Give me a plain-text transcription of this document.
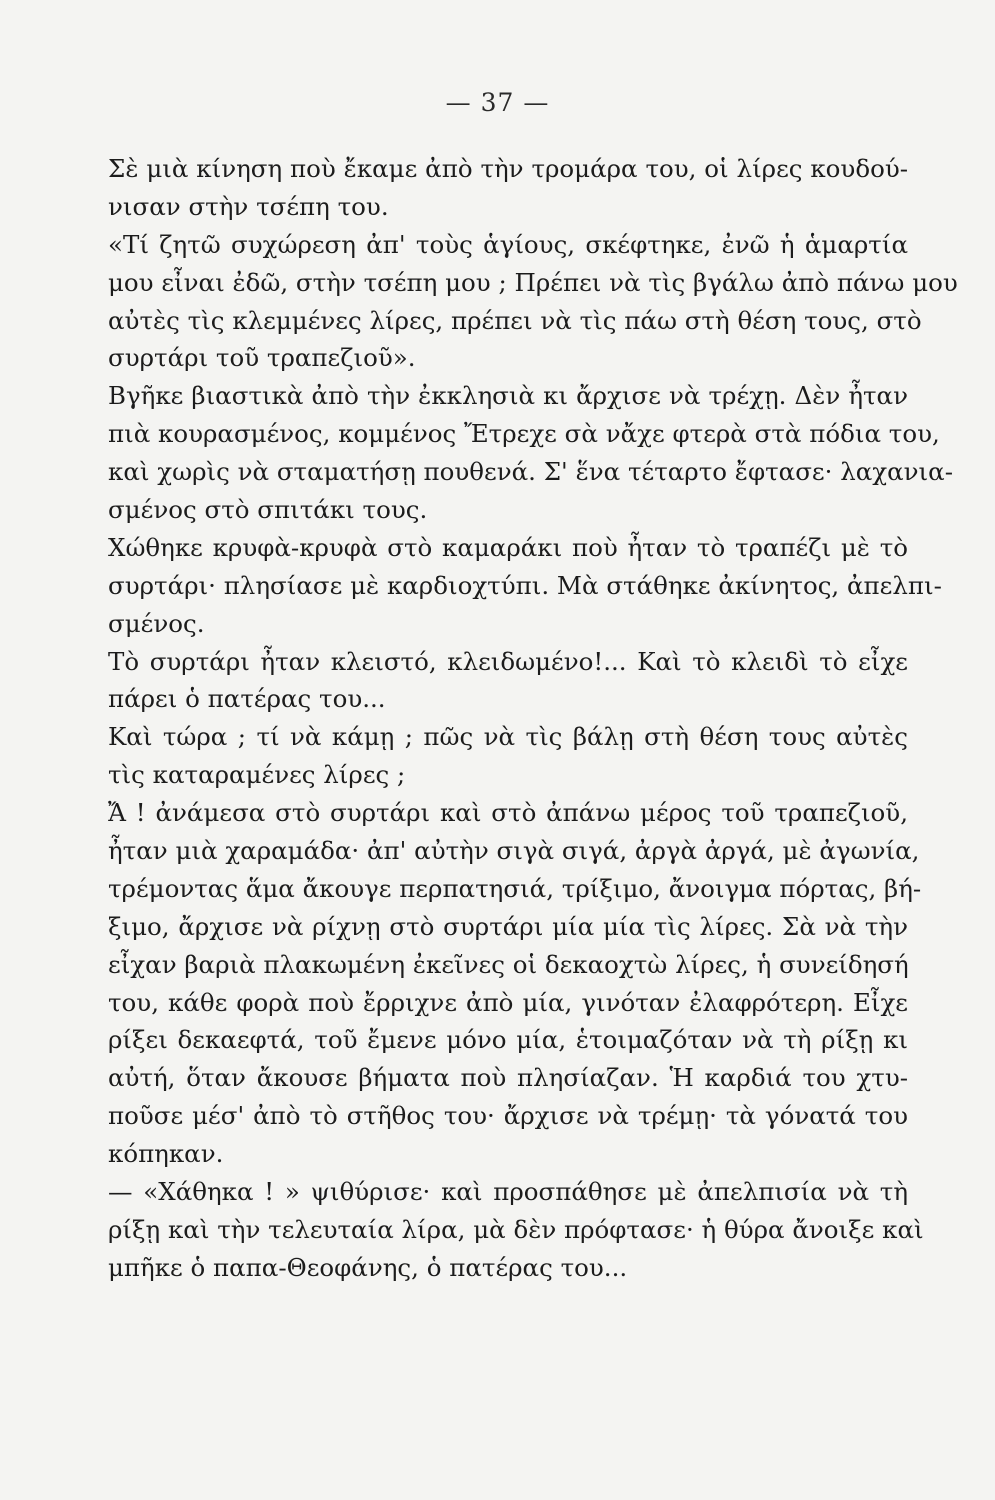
— 37 —
Σὲ μιὰ κίνηση ποὺ ἔκαμε ἀπὸ τὴν τρομάρα του, οἱ λίρες κουδού-
νισαν στὴν τσέπη του.
«Τί ζητῶ συχώρεση ἀπ' τοὺς ἁγίους, σκέφτηκε, ἐνῶ ἡ ἁμαρτία
μου εἶναι ἐδῶ, στὴν τσέπη μου ; Πρέπει νὰ τὶς βγάλω ἀπὸ πάνω μου
αὐτὲς τὶς κλεμμένες λίρες, πρέπει νὰ τὶς πάω στὴ θέση τους, στὸ
συρτάρι τοῦ τραπεζιοῦ».
Βγῆκε βιαστικὰ ἀπὸ τὴν ἐκκλησιὰ κι ἄρχισε νὰ τρέχῃ. Δὲν ἦταν
πιὰ κουρασμένος, κομμένος Ἔτρεχε σὰ νἄχε φτερὰ στὰ πόδια του,
καὶ χωρὶς νὰ σταματήσῃ πουθενά. Σ' ἕνα τέταρτο ἔφτασε· λαχανια-
σμένος στὸ σπιτάκι τους.
Χώθηκε κρυφὰ-κρυφὰ στὸ καμαράκι ποὺ ἦταν τὸ τραπέζι μὲ τὸ
συρτάρι· πλησίασε μὲ καρδιοχτύπι. Μὰ στάθηκε ἀκίνητος, ἀπελπι-
σμένος.
Τὸ συρτάρι ἦταν κλειστό, κλειδωμένο!... Καὶ τὸ κλειδὶ τὸ εἶχε
πάρει ὁ πατέρας του...
Καὶ τώρα ; τί νὰ κάμῃ ; πῶς νὰ τὶς βάλῃ στὴ θέση τους αὐτὲς
τὶς καταραμένες λίρες ;
Ἄ ! ἀνάμεσα στὸ συρτάρι καὶ στὸ ἀπάνω μέρος τοῦ τραπεζιοῦ,
ἦταν μιὰ χαραμάδα· ἀπ' αὐτὴν σιγὰ σιγά, ἀργὰ ἀργά, μὲ ἀγωνία,
τρέμοντας ἅμα ἄκουγε περπατησιά, τρίξιμο, ἄνοιγμα πόρτας, βή-
ξιμο, ἄρχισε νὰ ρίχνῃ στὸ συρτάρι μία μία τὶς λίρες. Σὰ νὰ τὴν
εἶχαν βαριὰ πλακωμένη ἐκεῖνες οἱ δεκαοχτὼ λίρες, ἡ συνείδησή
του, κάθε φορὰ ποὺ ἔρριχνε ἀπὸ μία, γινόταν ἐλαφρότερη. Εἶχε
ρίξει δεκαεφτά, τοῦ ἔμενε μόνο μία, ἑτοιμαζόταν νὰ τὴ ρίξῃ κι
αὐτή, ὅταν ἄκουσε βήματα ποὺ πλησίαζαν. Ἡ καρδιά του χτυ-
ποῦσε μέσ' ἀπὸ τὸ στῆθος του· ἄρχισε νὰ τρέμῃ· τὰ γόνατά του
κόπηκαν.
— «Χάθηκα ! » ψιθύρισε· καὶ προσπάθησε μὲ ἀπελπισία νὰ τὴ
ρίξῃ καὶ τὴν τελευταία λίρα, μὰ δὲν πρόφτασε· ἡ θύρα ἄνοιξε καὶ
μπῆκε ὁ παπα-Θεοφάνης, ὁ πατέρας του...
